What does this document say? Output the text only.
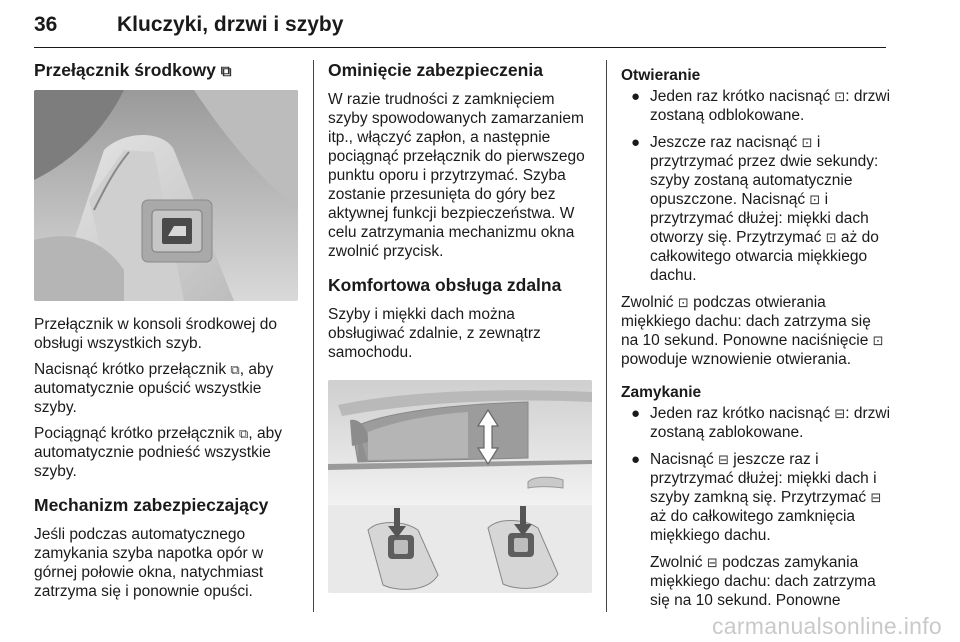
36	Kluczyki, drzwi i szyby
Przełącznik środkowy ⧉

Przełącznik w konsoli środkowej do obsługi wszystkich szyb.

Nacisnąć krótko przełącznik ⧉, aby automatycznie opuścić wszystkie szyby.

Pociągnąć krótko przełącznik ⧉, aby automatycznie podnieść wszystkie szyby.

Mechanizm zabezpieczający

Jeśli podczas automatycznego zamykania szyba napotka opór w górnej połowie okna, natychmiast zatrzyma się i ponownie opuści.

Ominięcie zabezpieczenia

W razie trudności z zamknięciem szyby spowodowanych zamarzaniem itp., włączyć zapłon, a następnie pociągnąć przełącznik do pierwszego punktu oporu i przytrzymać. Szyba zostanie przesunięta do góry bez aktywnej funkcji bezpieczeństwa. W celu zatrzymania mechanizmu okna zwolnić przycisk.

Komfortowa obsługa zdalna

Szyby i miękki dach można obsługiwać zdalnie, z zewnątrz samochodu.

Otwieranie
● Jeden raz krótko nacisnąć ⊡: drzwi zostaną odblokowane.
● Jeszcze raz nacisnąć ⊡ i przytrzymać przez dwie sekundy: szyby zostaną automatycznie opuszczone. Nacisnąć ⊡ i przytrzymać dłużej: miękki dach otworzy się. Przytrzymać ⊡ aż do całkowitego otwarcia miękkiego dachu.

Zwolnić ⊡ podczas otwierania miękkiego dachu: dach zatrzyma się na 10 sekund. Ponowne naciśnięcie ⊡ powoduje wznowienie otwierania.

Zamykanie
● Jeden raz krótko nacisnąć ⊟: drzwi zostaną zablokowane.
● Nacisnąć ⊟ jeszcze raz i przytrzymać dłużej: miękki dach i szyby zamkną się. Przytrzymać ⊟ aż do całkowitego zamknięcia miękkiego dachu.

Zwolnić ⊟ podczas zamykania miękkiego dachu: dach zatrzyma się na 10 sekund. Ponowne

carmanualsonline.info
